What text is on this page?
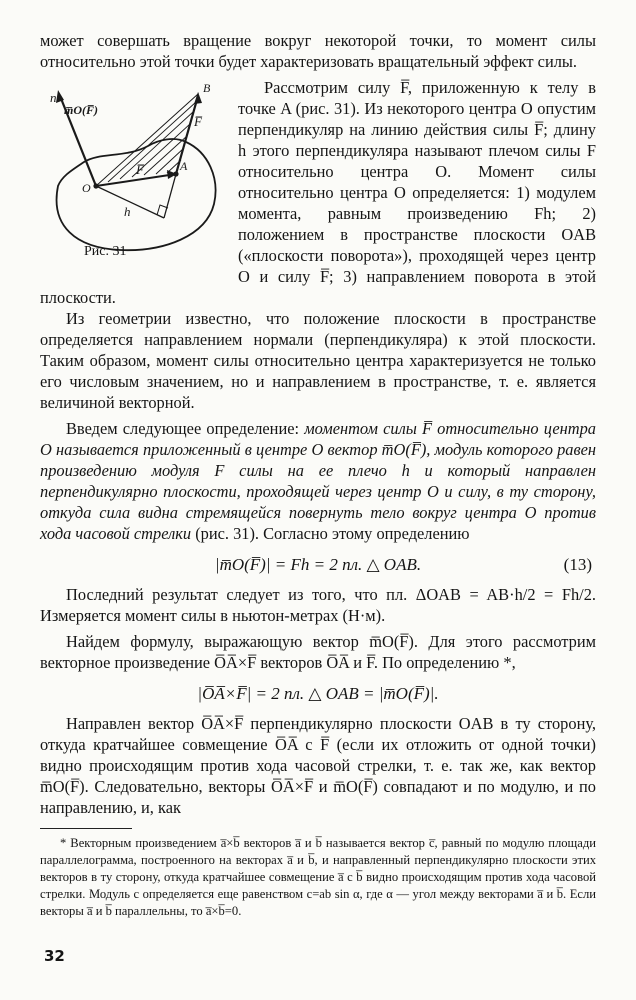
может совершать вращение вокруг некоторой точки, то момент силы относительно этой точки будет характеризовать вращательный эффект силы.

n
m̅O(F̅)
B
F̅
A
F̅
O
h
Рис. 31

Рассмотрим силу F̅, приложенную к телу в точке A (рис. 31). Из некоторого центра O опустим перпендикуляр на линию действия силы F̅; длину h этого перпендикуляра называют плечом силы F относительно центра O. Момент силы относительно центра O определяется: 1) модулем момента, равным произведению Fh; 2) положением в пространстве плоскости OAB («плоскости поворота»), проходящей через центр O и силу F̅; 3) направлением поворота в этой плоскости.

Из геометрии известно, что положение плоскости в пространстве определяется направлением нормали (перпендикуляра) к этой плоскости. Таким образом, момент силы относительно центра характеризуется не только его числовым значением, но и направлением в пространстве, т. е. является величиной векторной.

Введем следующее определение: моментом силы F̅ относительно центра O называется приложенный в центре O вектор m̅O(F̅), модуль которого равен произведению модуля F силы на ее плечо h и который направлен перпендикулярно плоскости, проходящей через центр O и силу, в ту сторону, откуда сила видна стремящейся повернуть тело вокруг центра O против хода часовой стрелки (рис. 31). Согласно этому определению

|m̅O(F̅)| = Fh = 2 пл. △ OAB.	(13)

Последний результат следует из того, что пл. ΔOAB = AB·h/2 = Fh/2. Измеряется момент силы в ньютон-метрах (Н·м).

Найдем формулу, выражающую вектор m̅O(F̅). Для этого рассмотрим векторное произведение O̅A̅×F̅ векторов O̅A̅ и F̅. По определению *,

|O̅A̅×F̅| = 2 пл. △ OAB = |m̅O(F̅)|.

Направлен вектор O̅A̅×F̅ перпендикулярно плоскости OAB в ту сторону, откуда кратчайшее совмещение O̅A̅ с F̅ (если их отложить от одной точки) видно происходящим против хода часовой стрелки, т. е. так же, как вектор m̅O(F̅). Следовательно, векторы O̅A̅×F̅ и m̅O(F̅) совпадают и по модулю, и по направлению, и, как

* Векторным произведением a̅×b̅ векторов a̅ и b̅ называется вектор c̅, равный по модулю площади параллелограмма, построенного на векторах a̅ и b̅, и направленный перпендикулярно плоскости этих векторов в ту сторону, откуда кратчайшее совмещение a̅ с b̅ видно происходящим против хода часовой стрелки. Модуль c определяется еще равенством c=ab sin α, где α — угол между векторами a̅ и b̅. Если векторы a̅ и b̅ параллельны, то a̅×b̅=0.

32
